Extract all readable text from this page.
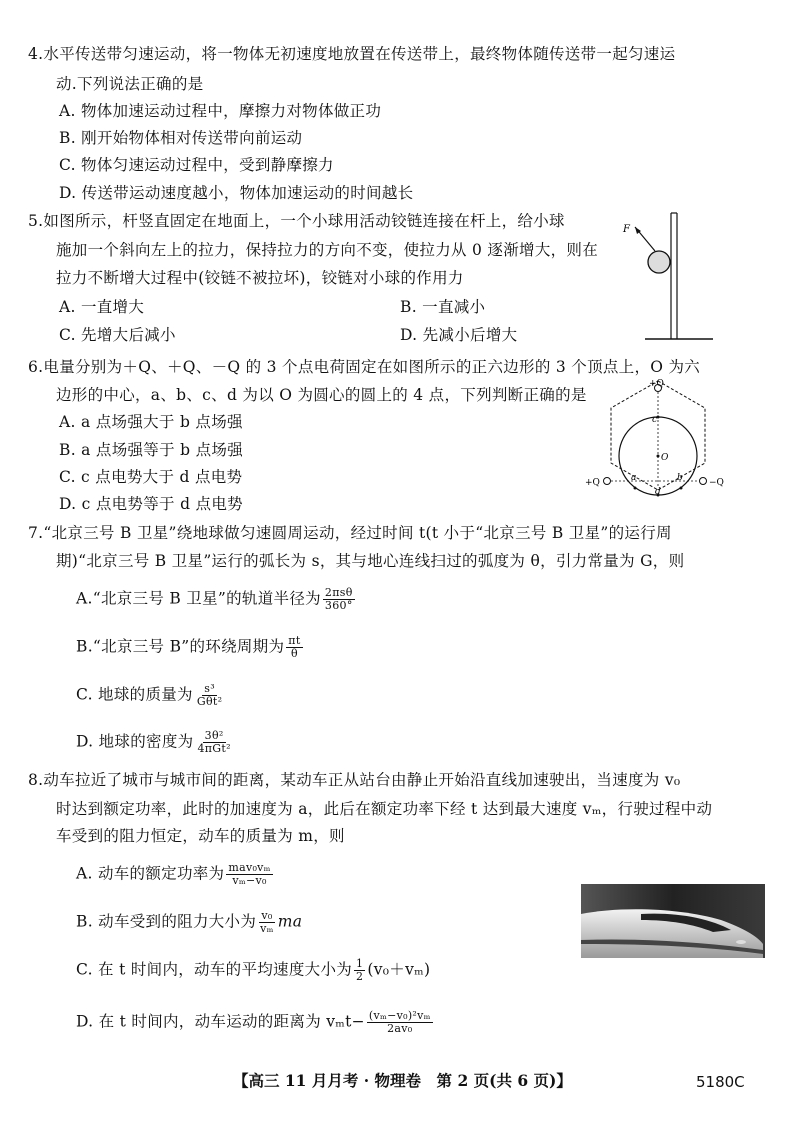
4.水平传送带匀速运动，将一物体无初速度地放置在传送带上，最终物体随传送带一起匀速运
动.下列说法正确的是
A. 物体加速运动过程中，摩擦力对物体做正功
B. 刚开始物体相对传送带向前运动
C. 物体匀速运动过程中，受到静摩擦力
D. 传送带运动速度越小，物体加速运动的时间越长
5.如图所示，杆竖直固定在地面上，一个小球用活动铰链连接在杆上，给小球
施加一个斜向左上的拉力，保持拉力的方向不变，使拉力从 0 逐渐增大，则在
拉力不断增大过程中(铰链不被拉坏)，铰链对小球的作用力
A. 一直增大	B. 一直减小
C. 先增大后减小	D. 先减小后增大
F
6.电量分别为＋Q、＋Q、－Q 的 3 个点电荷固定在如图所示的正六边形的 3 个顶点上，O 为六
边形的中心，a、b、c、d 为以 O 为圆心的圆上的 4 点，下列判断正确的是
A. a 点场强大于 b 点场强
B. a 点场强等于 b 点场强
C. c 点电势大于 d 点电势
D. c 点电势等于 d 点电势
+Q
+Q	−Q
c
O
a	b
d
7.“北京三号 B 卫星”绕地球做匀速圆周运动，经过时间 t(t 小于“北京三号 B 卫星”的运行周
期)“北京三号 B 卫星”运行的弧长为 s，其与地心连线扫过的弧度为 θ，引力常量为 G，则
A.“北京三号 B 卫星”的轨道半径为 $\frac{\text{2πsθ}}{360^\circ}$
B.“北京三号 B”的环绕周期为 $\frac{\pi t}{\theta}$
C. 地球的质量为 $\frac{\text{s³}}{\text{Gθt²}}$
D. 地球的密度为 $\frac{\text{3θ²}}{\text{4πGt²}}$
8.动车拉近了城市与城市间的距离，某动车正从站台由静止开始沿直线加速驶出，当速度为 v₀
时达到额定功率，此时的加速度为 a，此后在额定功率下经 t 达到最大速度 vₘ，行驶过程中动
车受到的阻力恒定，动车的质量为 m，则
A. 动车的额定功率为 $\frac{\text{mav₀vₘ}}{\text{vₘ−v₀}}$
B. 动车受到的阻力大小为 $\frac{\text{v₀}}{\text{vₘ}}$ ma
C. 在 t 时间内，动车的平均速度大小为 $\frac{1}{2} (v_0+v_m)$
D. 在 t 时间内，动车运动的距离为 $v_mt- \frac{\text{(vₘ−v₀)²vₘ}}{\text{2av₀}}$
【高三 11 月月考 · 物理卷　第 2 页(共 6 页)】	5180C
